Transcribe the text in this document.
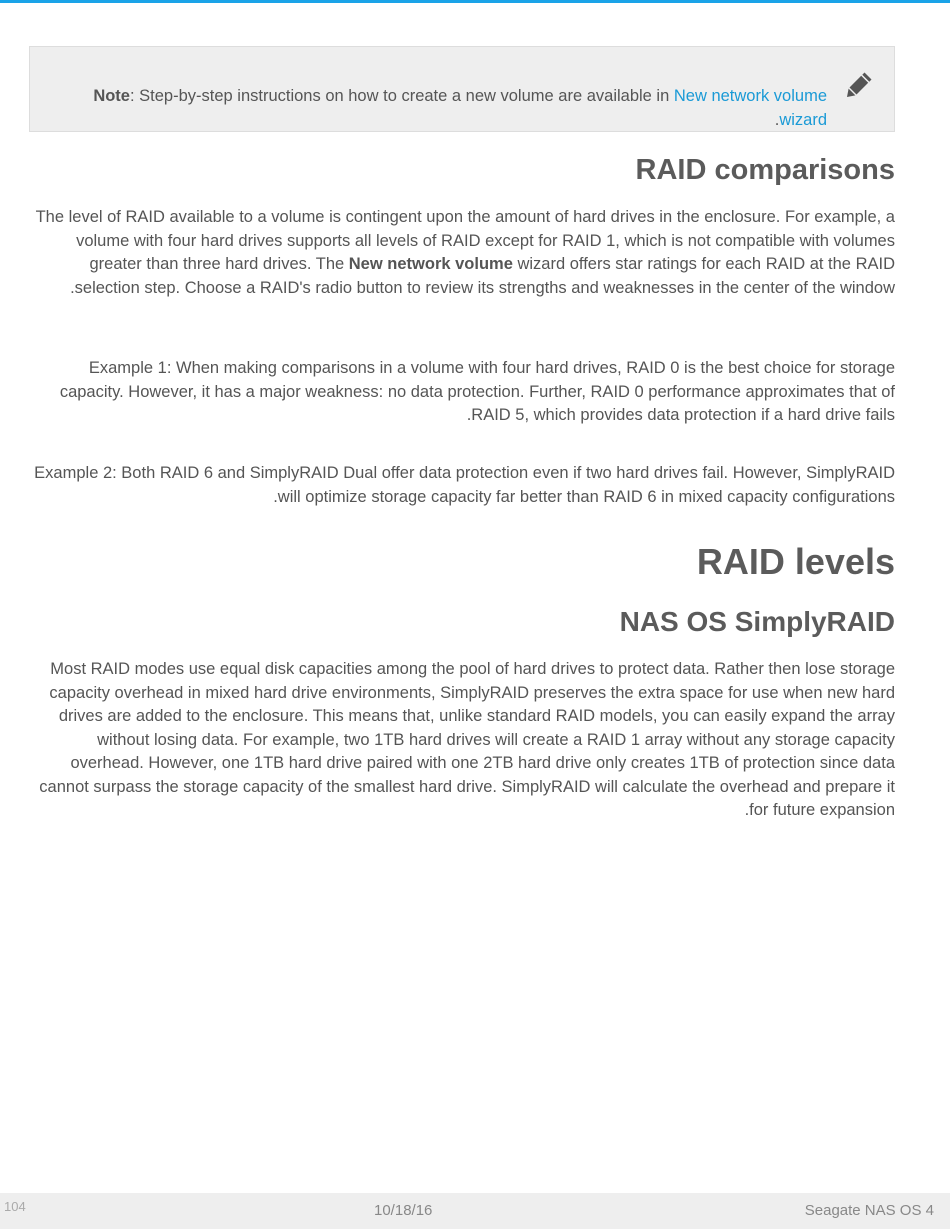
Note: Step-by-step instructions on how to create a new volume are available in New network volume wizard.

RAID comparisons

The level of RAID available to a volume is contingent upon the amount of hard drives in the enclosure. For example, a volume with four hard drives supports all levels of RAID except for RAID 1, which is not compatible with volumes greater than three hard drives. The New network volume wizard offers star ratings for each RAID at the RAID selection step. Choose a RAID's radio button to review its strengths and weaknesses in the center of the window.

Example 1: When making comparisons in a volume with four hard drives, RAID 0 is the best choice for storage capacity. However, it has a major weakness: no data protection. Further, RAID 0 performance approximates that of RAID 5, which provides data protection if a hard drive fails.

Example 2: Both RAID 6 and SimplyRAID Dual offer data protection even if two hard drives fail. However, SimplyRAID will optimize storage capacity far better than RAID 6 in mixed capacity configurations.

RAID levels
NAS OS SimplyRAID

Most RAID modes use equal disk capacities among the pool of hard drives to protect data. Rather then lose storage capacity overhead in mixed hard drive environments, SimplyRAID preserves the extra space for use when new hard drives are added to the enclosure. This means that, unlike standard RAID models, you can easily expand the array without losing data. For example, two 1TB hard drives will create a RAID 1 array without any storage capacity overhead. However, one 1TB hard drive paired with one 2TB hard drive only creates 1TB of protection since data cannot surpass the storage capacity of the smallest hard drive. SimplyRAID will calculate the overhead and prepare it for future expansion.

104	10/18/16	Seagate NAS OS 4
